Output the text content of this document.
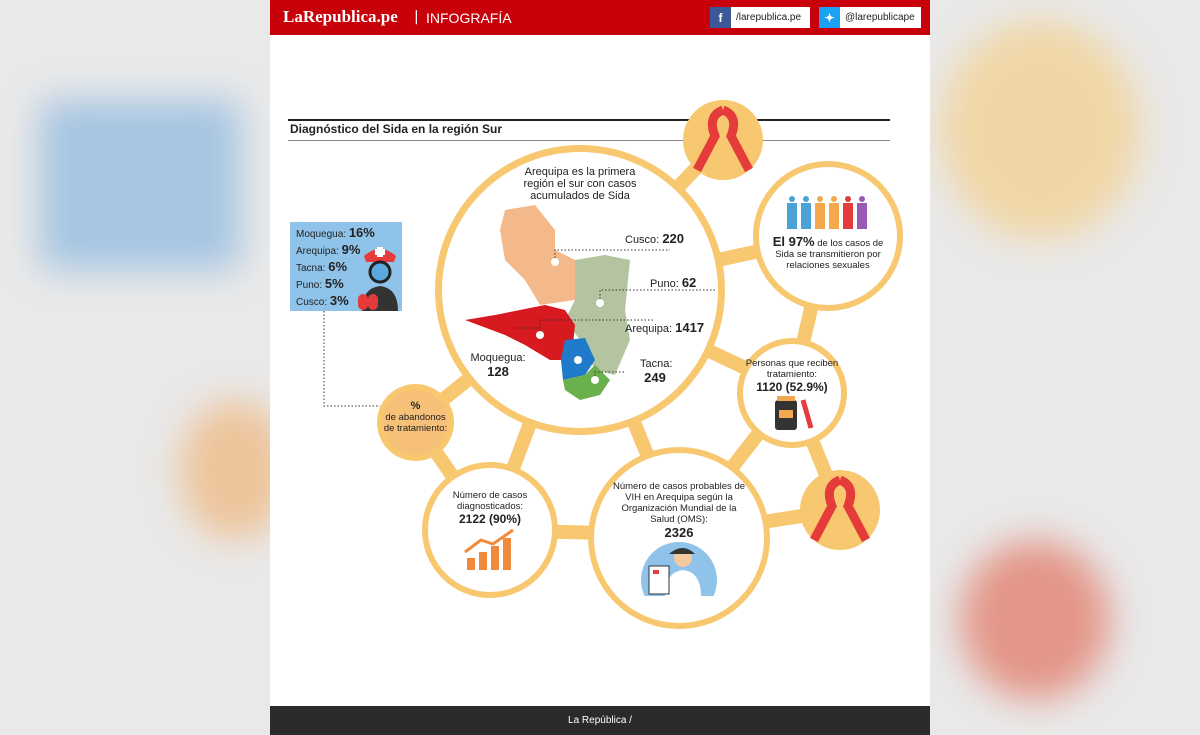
LaRepublica.pe | INFOGRAFÍA	f	/larepublica.pe	✦	@larepublicape
Diagnóstico del Sida en la región Sur
Moquegua: 16%
Arequipa: 9%
Tacna: 6%
Puno: 5%
Cusco: 3%
Arequipa es la primera región el sur con casos acumulados de Sida
Cusco: 220
Puno: 62
Arequipa: 1417
Moquegua:
128	Tacna:
249
El 97% de los casos de Sida se transmitieron por relaciones sexuales
Personas que reciben tratamiento:
1120 (52.9%)
%
de abandonos de tratamiento:
Número de casos diagnosticados:
2122 (90%)
Número de casos probables de VIH en Arequipa según la Organización Mundial de la Salud (OMS):
2326
La República /
